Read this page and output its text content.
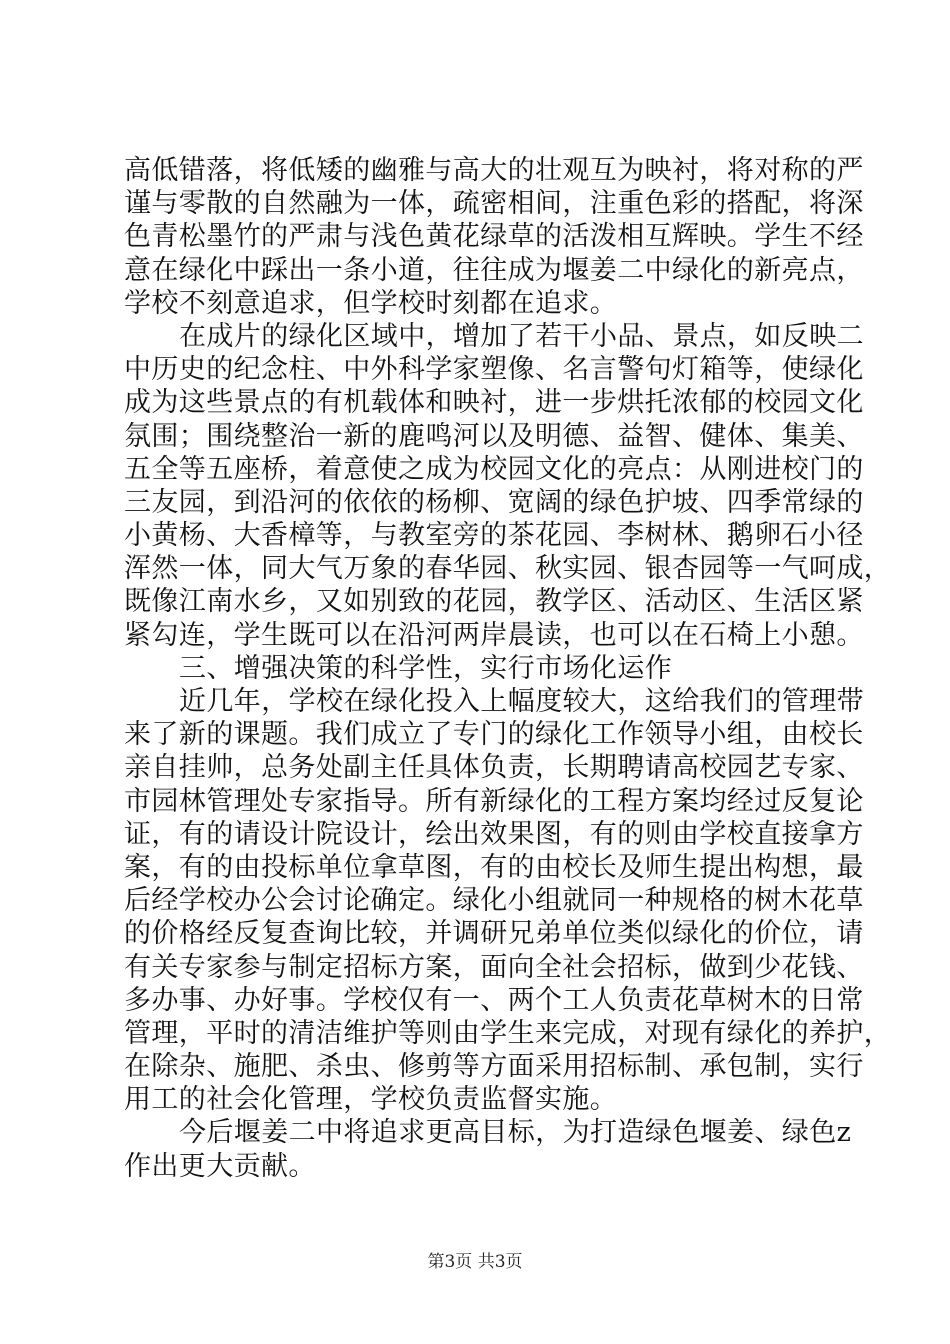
高低错落，将低矮的幽雅与高大的壮观互为映衬，将对称的严
谨与零散的自然融为一体，疏密相间，注重色彩的搭配，将深
色青松墨竹的严肃与浅色黄花绿草的活泼相互辉映。学生不经
意在绿化中踩出一条小道，往往成为堰姜二中绿化的新亮点，
学校不刻意追求，但学校时刻都在追求。
在成片的绿化区域中，增加了若干小品、景点，如反映二
中历史的纪念柱、中外科学家塑像、名言警句灯箱等，使绿化
成为这些景点的有机载体和映衬，进一步烘托浓郁的校园文化
氛围；围绕整治一新的鹿鸣河以及明德、益智、健体、集美、
五全等五座桥，着意使之成为校园文化的亮点：从刚进校门的
三友园，到沿河的依依的杨柳、宽阔的绿色护坡、四季常绿的
小黄杨、大香樟等，与教室旁的茶花园、李树林、鹅卵石小径
浑然一体，同大气万象的春华园、秋实园、银杏园等一气呵成，
既像江南水乡，又如别致的花园，教学区、活动区、生活区紧
紧勾连，学生既可以在沿河两岸晨读，也可以在石椅上小憩。
三、增强决策的科学性，实行市场化运作
近几年，学校在绿化投入上幅度较大，这给我们的管理带
来了新的课题。我们成立了专门的绿化工作领导小组，由校长
亲自挂帅，总务处副主任具体负责，长期聘请高校园艺专家、
市园林管理处专家指导。所有新绿化的工程方案均经过反复论
证，有的请设计院设计，绘出效果图，有的则由学校直接拿方
案，有的由投标单位拿草图，有的由校长及师生提出构想，最
后经学校办公会讨论确定。绿化小组就同一种规格的树木花草
的价格经反复查询比较，并调研兄弟单位类似绿化的价位，请
有关专家参与制定招标方案，面向全社会招标，做到少花钱、
多办事、办好事。学校仅有一、两个工人负责花草树木的日常
管理，平时的清洁维护等则由学生来完成，对现有绿化的养护，
在除杂、施肥、杀虫、修剪等方面采用招标制、承包制，实行
用工的社会化管理，学校负责监督实施。
今后堰姜二中将追求更高目标，为打造绿色堰姜、绿色z
作出更大贡献。
第3页 共3页
